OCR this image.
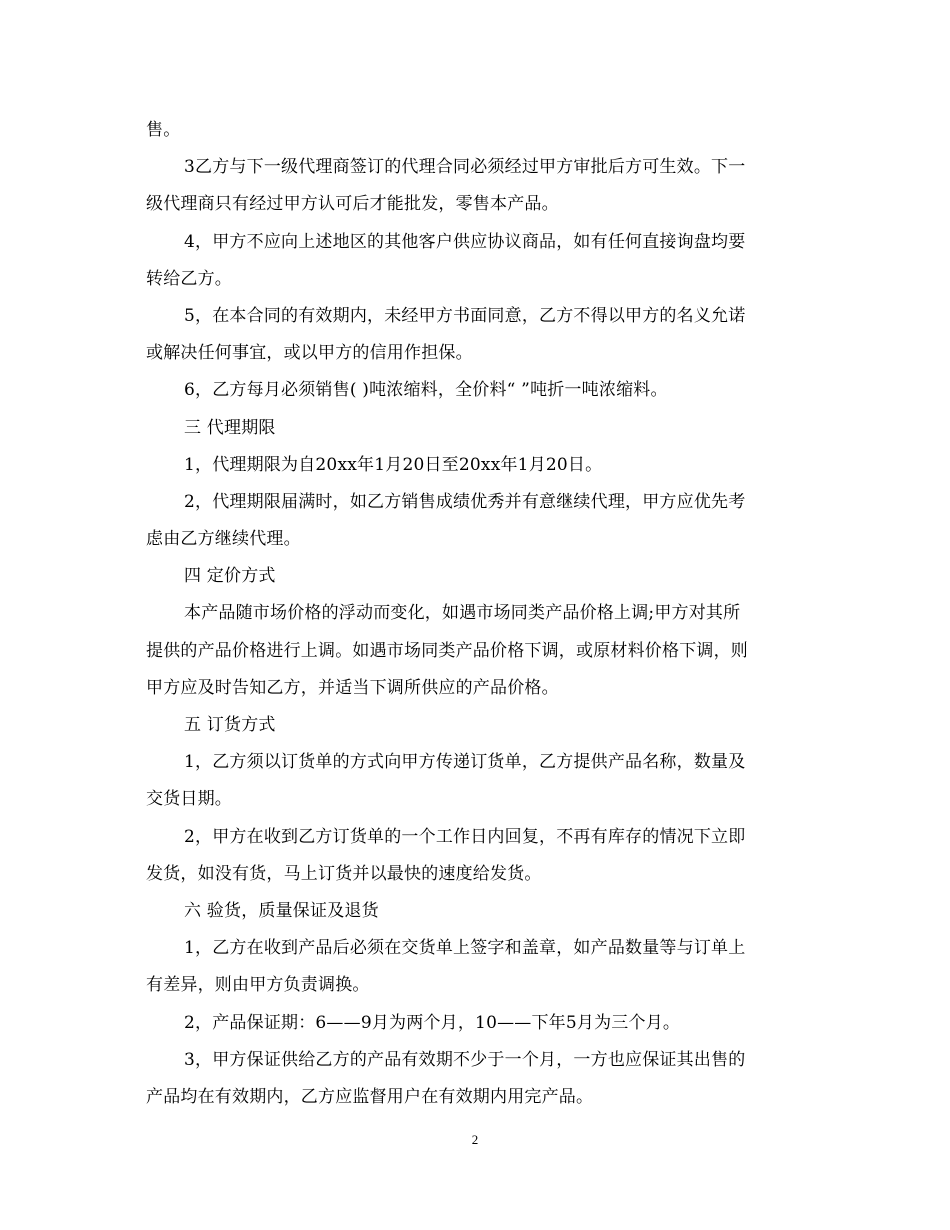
售。
3乙方与下一级代理商签订的代理合同必须经过甲方审批后方可生效。下一
级代理商只有经过甲方认可后才能批发，零售本产品。
4，甲方不应向上述地区的其他客户供应协议商品，如有任何直接询盘均要
转给乙方。
5，在本合同的有效期内，未经甲方书面同意，乙方不得以甲方的名义允诺
或解决任何事宜，或以甲方的信用作担保。
6，乙方每月必须销售( )吨浓缩料，全价料“ ”吨折一吨浓缩料。
三 代理期限
1，代理期限为自20xx年1月20日至20xx年1月20日。
2，代理期限届满时，如乙方销售成绩优秀并有意继续代理，甲方应优先考
虑由乙方继续代理。
四 定价方式
本产品随市场价格的浮动而变化，如遇市场同类产品价格上调;甲方对其所
提供的产品价格进行上调。如遇市场同类产品价格下调，或原材料价格下调，则
甲方应及时告知乙方，并适当下调所供应的产品价格。
五 订货方式
1，乙方须以订货单的方式向甲方传递订货单，乙方提供产品名称，数量及
交货日期。
2，甲方在收到乙方订货单的一个工作日内回复，不再有库存的情况下立即
发货，如没有货，马上订货并以最快的速度给发货。
六 验货，质量保证及退货
1，乙方在收到产品后必须在交货单上签字和盖章，如产品数量等与订单上
有差异，则由甲方负责调换。
2，产品保证期：6——9月为两个月，10——下年5月为三个月。
3，甲方保证供给乙方的产品有效期不少于一个月，一方也应保证其出售的
产品均在有效期内，乙方应监督用户在有效期内用完产品。
2
